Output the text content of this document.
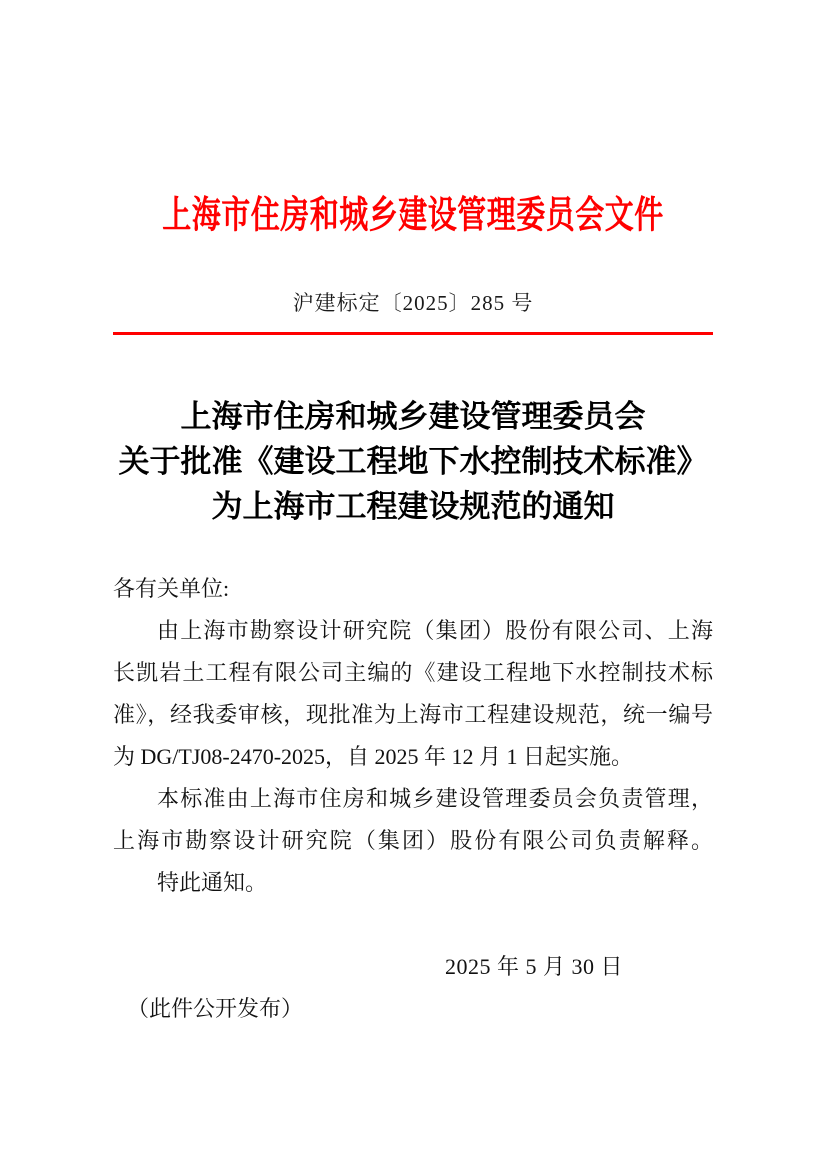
上海市住房和城乡建设管理委员会文件
沪建标定〔2025〕285 号
上海市住房和城乡建设管理委员会
关于批准《建设工程地下水控制技术标准》
为上海市工程建设规范的通知
各有关单位:
由上海市勘察设计研究院（集团）股份有限公司、上海
长凯岩土工程有限公司主编的《建设工程地下水控制技术标
准》，经我委审核，现批准为上海市工程建设规范，统一编号
为 DG/TJ08-2470-2025，自 2025 年 12 月 1 日起实施。
本标准由上海市住房和城乡建设管理委员会负责管理，
上海市勘察设计研究院（集团）股份有限公司负责解释。
特此通知。
2025 年 5 月 30 日
（此件公开发布）
